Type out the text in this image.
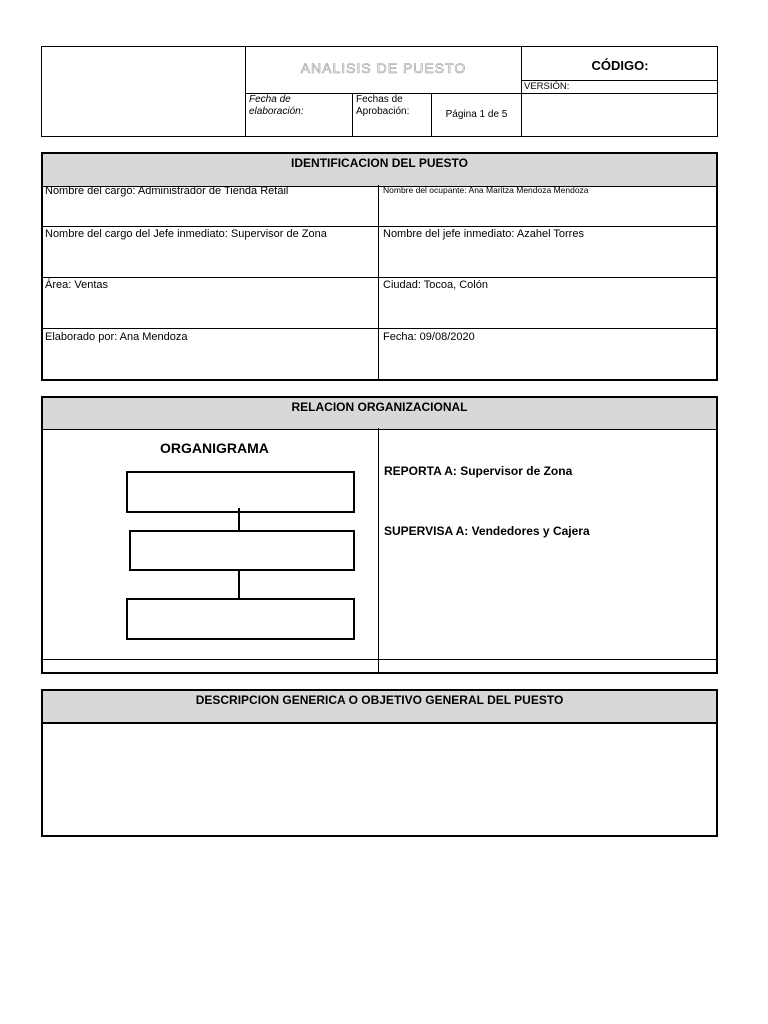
ANALISIS DE PUESTO	CÓDIGO:
VERSIÓN:
Fecha de elaboración:
Fechas de Aprobación:	Página 1 de 5
IDENTIFICACION DEL PUESTO
Nombre del cargo: Administrador de Tienda Retail	Nombre del ocupante: Ana Maritza Mendoza Mendoza
Nombre del cargo del Jefe inmediato: Supervisor de Zona	Nombre del jefe inmediato: Azahel Torres
Área: Ventas	Ciudad: Tocoa, Colón
Elaborado por: Ana Mendoza	Fecha: 09/08/2020
RELACION ORGANIZACIONAL
ORGANIGRAMA
REPORTA A: Supervisor de Zona
SUPERVISA A: Vendedores y Cajera
DESCRIPCION GENERICA O OBJETIVO GENERAL DEL PUESTO
